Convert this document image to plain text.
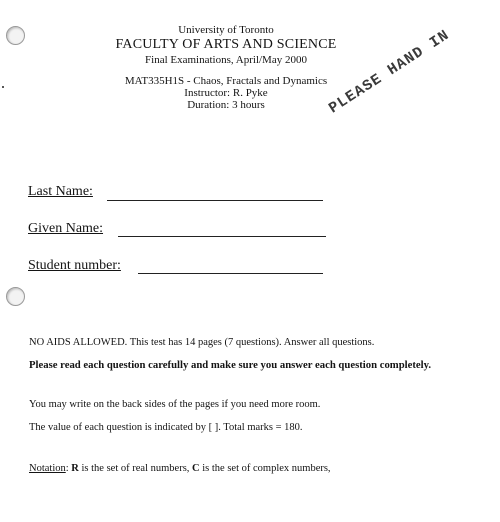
University of Toronto
FACULTY OF ARTS AND SCIENCE
Final Examinations, April/May 2000
MAT335H1S - Chaos, Fractals and Dynamics
Instructor: R. Pyke
Duration: 3 hours	PLEASE HAND IN
Last Name:
Given Name:
Student number:
NO AIDS ALLOWED. This test has 14 pages (7 questions). Answer all questions.
Please read each question carefully and make sure you answer each question completely.
You may write on the back sides of the pages if you need more room.
The value of each question is indicated by [ ]. Total marks = 180.
Notation: R is the set of real numbers, C is the set of complex numbers,
